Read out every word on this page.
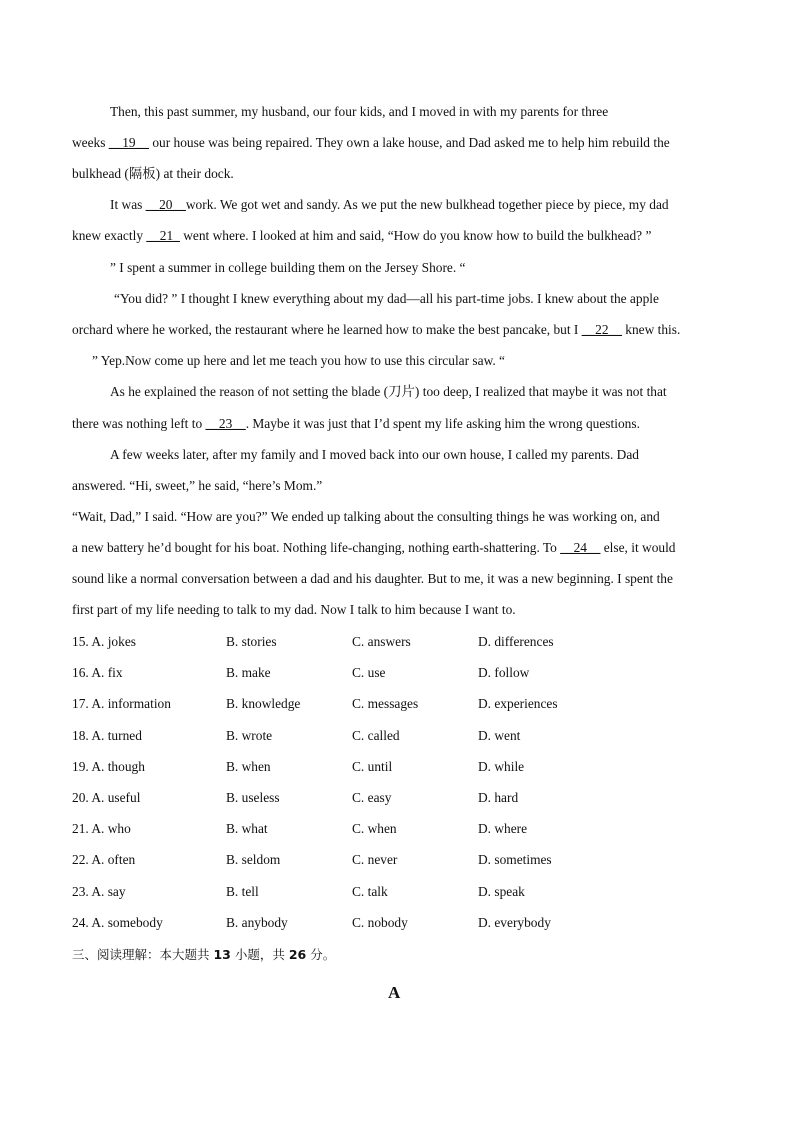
Then, this past summer, my husband, our four kids, and I moved in with my parents for three
weeks __19__ our house was being repaired. They own a lake house, and Dad asked me to help him rebuild the
bulkhead (隔板) at their dock.
It was __20__work. We got wet and sandy. As we put the new bulkhead together piece by piece, my dad
knew exactly __21_ went where. I looked at him and said, “How do you know how to build the bulkhead? ”
” I spent a summer in college building them on the Jersey Shore. “
“You did? ” I thought I knew everything about my dad—all his part-time jobs. I knew about the apple
orchard where he worked, the restaurant where he learned how to make the best pancake, but I __22__ knew this.
” Yep.Now come up here and let me teach you how to use this circular saw. “
As he explained the reason of not setting the blade (刀片) too deep, I realized that maybe it was not that
there was nothing left to __23__. Maybe it was just that I’d spent my life asking him the wrong questions.
A few weeks later, after my family and I moved back into our own house, I called my parents. Dad
answered. “Hi, sweet,” he said, “here’s Mom.”
“Wait, Dad,” I said. “How are you?” We ended up talking about the consulting things he was working on, and
a new battery he’d bought for his boat. Nothing life-changing, nothing earth-shattering. To __24__ else, it would
sound like a normal conversation between a dad and his daughter. But to me, it was a new beginning. I spent the
first part of my life needing to talk to my dad. Now I talk to him because I want to.
15. A. jokes	B. stories	C. answers	D. differences
16. A. fix	B. make	C. use	D. follow
17. A. information	B. knowledge	C. messages	D. experiences
18. A. turned	B. wrote	C. called	D. went
19. A. though	B. when	C. until	D. while
20. A. useful	B. useless	C. easy	D. hard
21. A. who	B. what	C. when	D. where
22. A. often	B. seldom	C. never	D. sometimes
23. A. say	B. tell	C. talk	D. speak
24. A. somebody	B. anybody	C. nobody	D. everybody
三、阅读理解：本大题共 13 小题，共 26 分。
A
